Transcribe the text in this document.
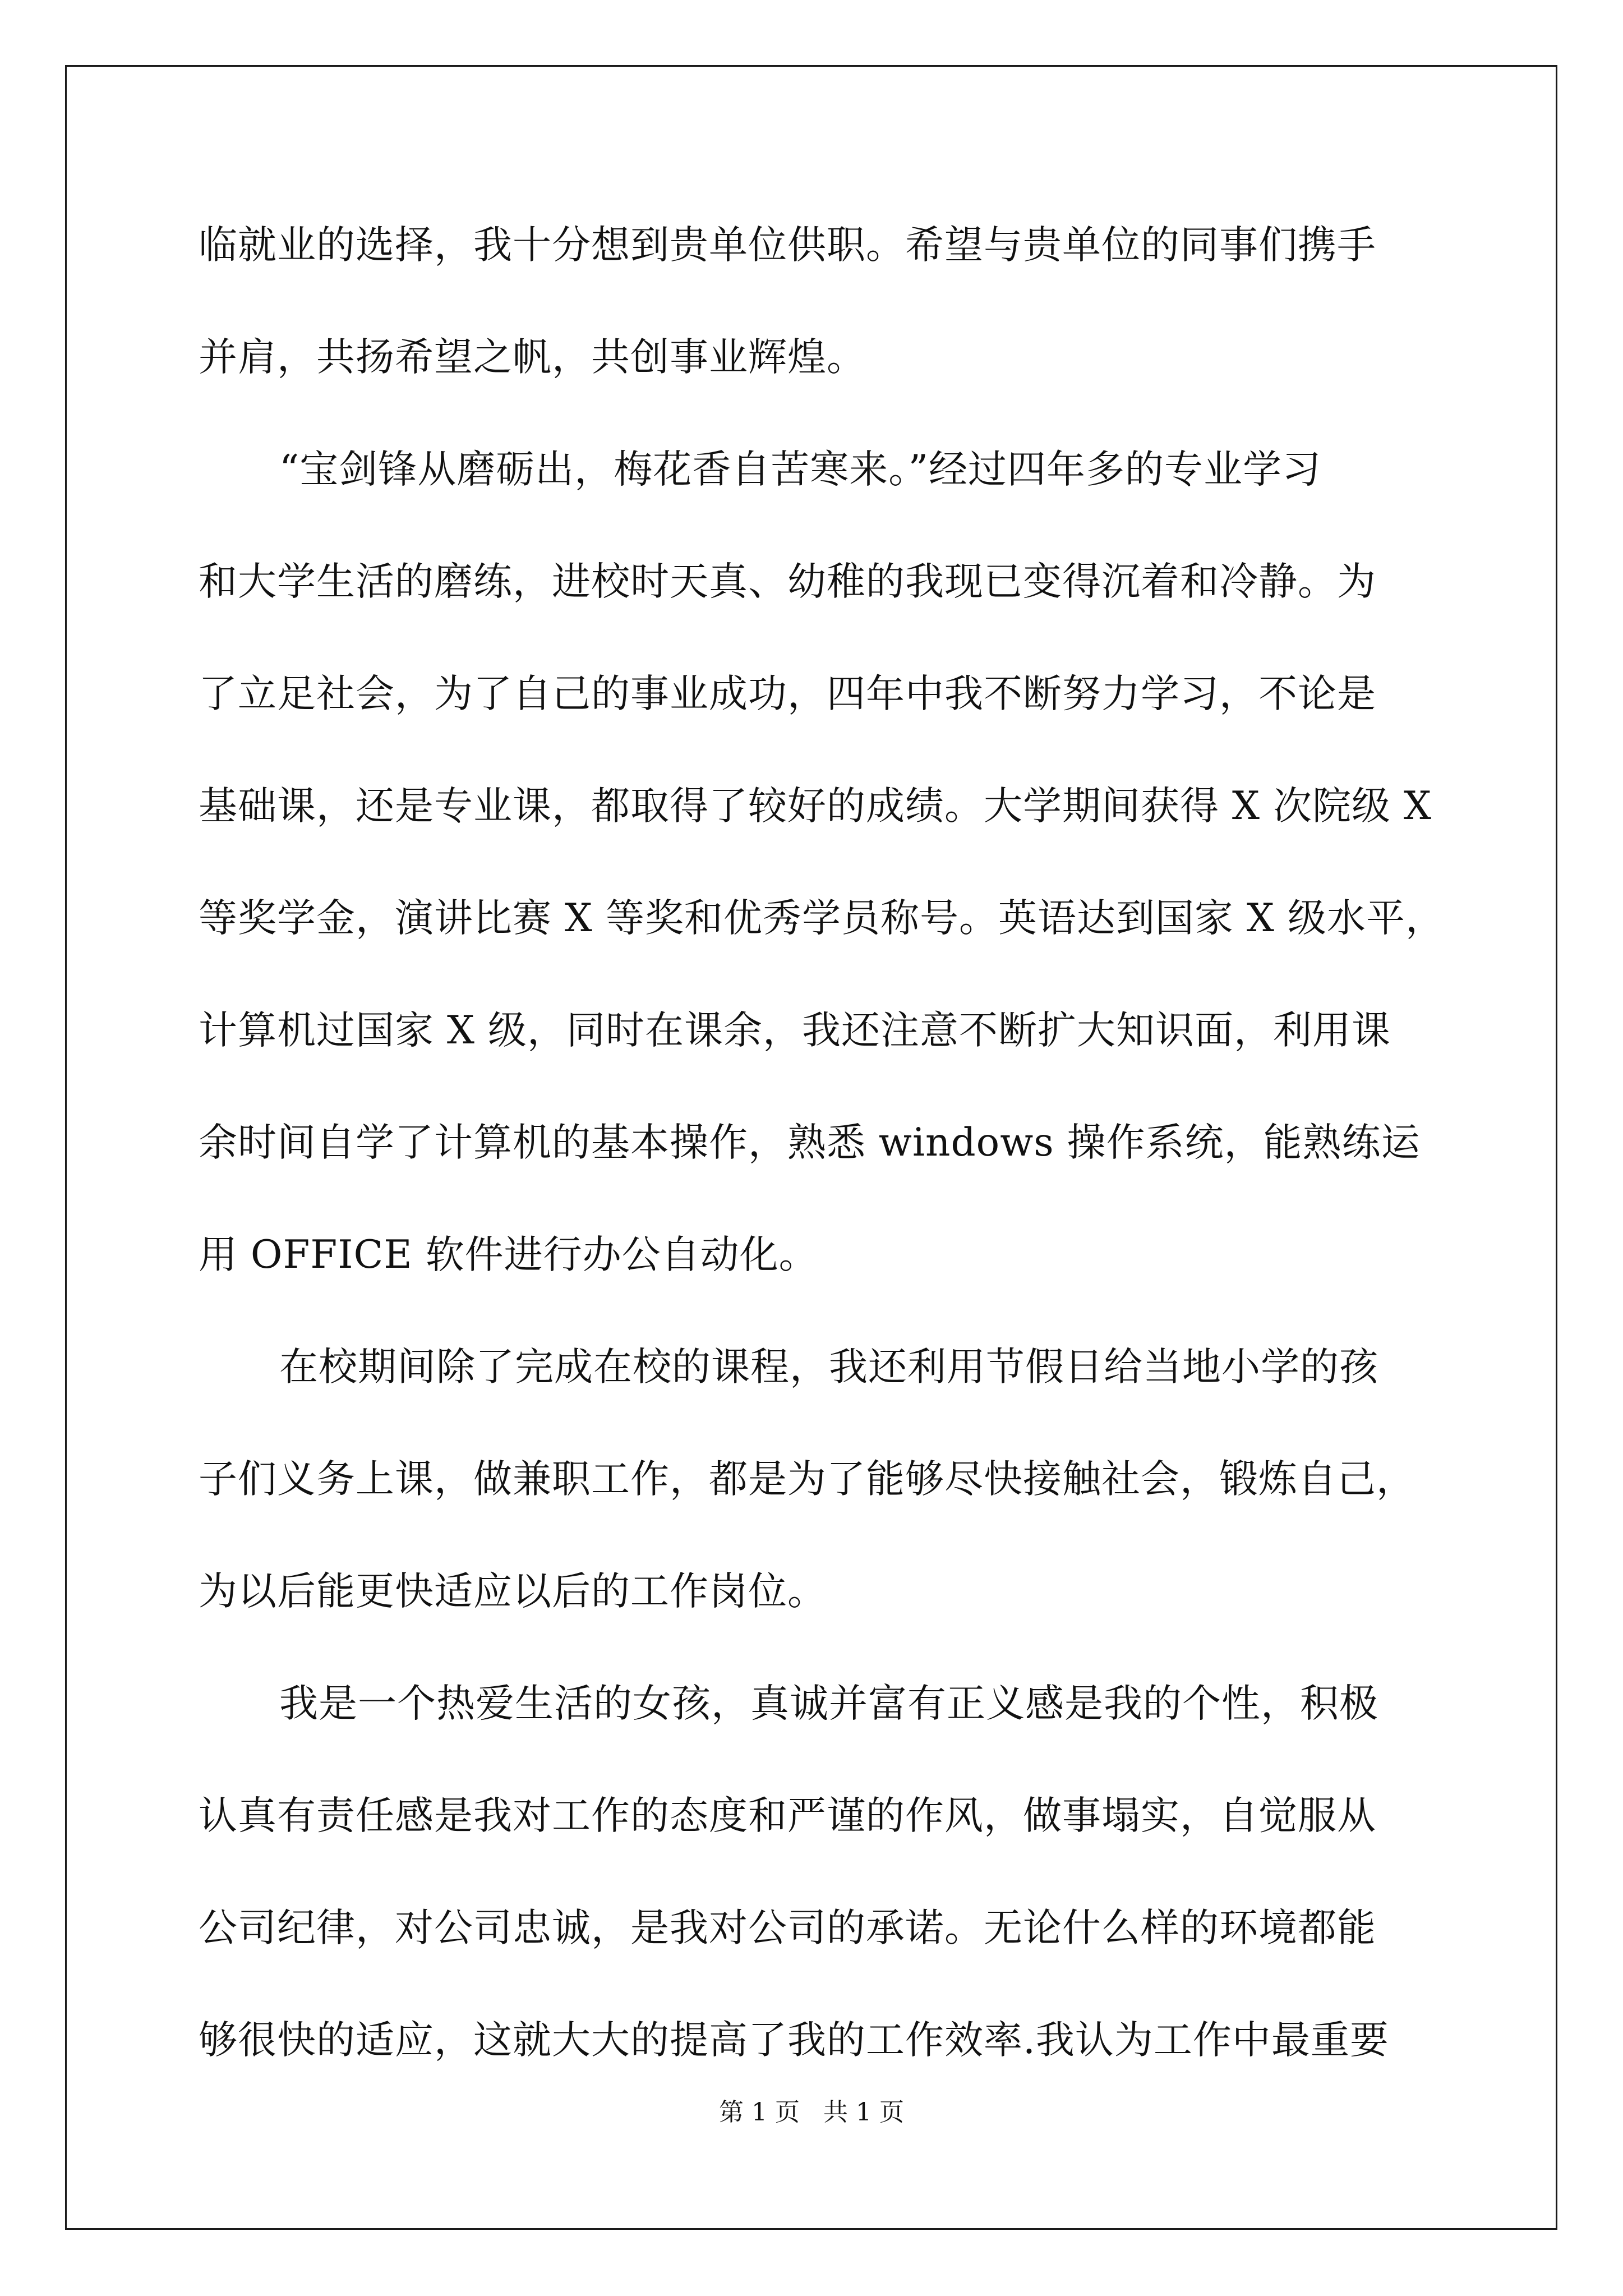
临就业的选择，我十分想到贵单位供职。希望与贵单位的同事们携手

并肩，共扬希望之帆，共创事业辉煌。

“宝剑锋从磨砺出，梅花香自苦寒来。”经过四年多的专业学习

和大学生活的磨练，进校时天真、幼稚的我现已变得沉着和冷静。为

了立足社会，为了自己的事业成功，四年中我不断努力学习，不论是

基础课，还是专业课，都取得了较好的成绩。大学期间获得 X 次院级 X

等奖学金，演讲比赛 X 等奖和优秀学员称号。英语达到国家 X 级水平，

计算机过国家 X 级，同时在课余，我还注意不断扩大知识面，利用课

余时间自学了计算机的基本操作，熟悉 windows 操作系统，能熟练运

用 OFFICE 软件进行办公自动化。

在校期间除了完成在校的课程，我还利用节假日给当地小学的孩

子们义务上课，做兼职工作，都是为了能够尽快接触社会，锻炼自己，

为以后能更快适应以后的工作岗位。

我是一个热爱生活的女孩，真诚并富有正义感是我的个性，积极

认真有责任感是我对工作的态度和严谨的作风，做事塌实，自觉服从

公司纪律，对公司忠诚，是我对公司的承诺。无论什么样的环境都能

够很快的适应，这就大大的提高了我的工作效率.我认为工作中最重要

第 1 页   共 1 页
